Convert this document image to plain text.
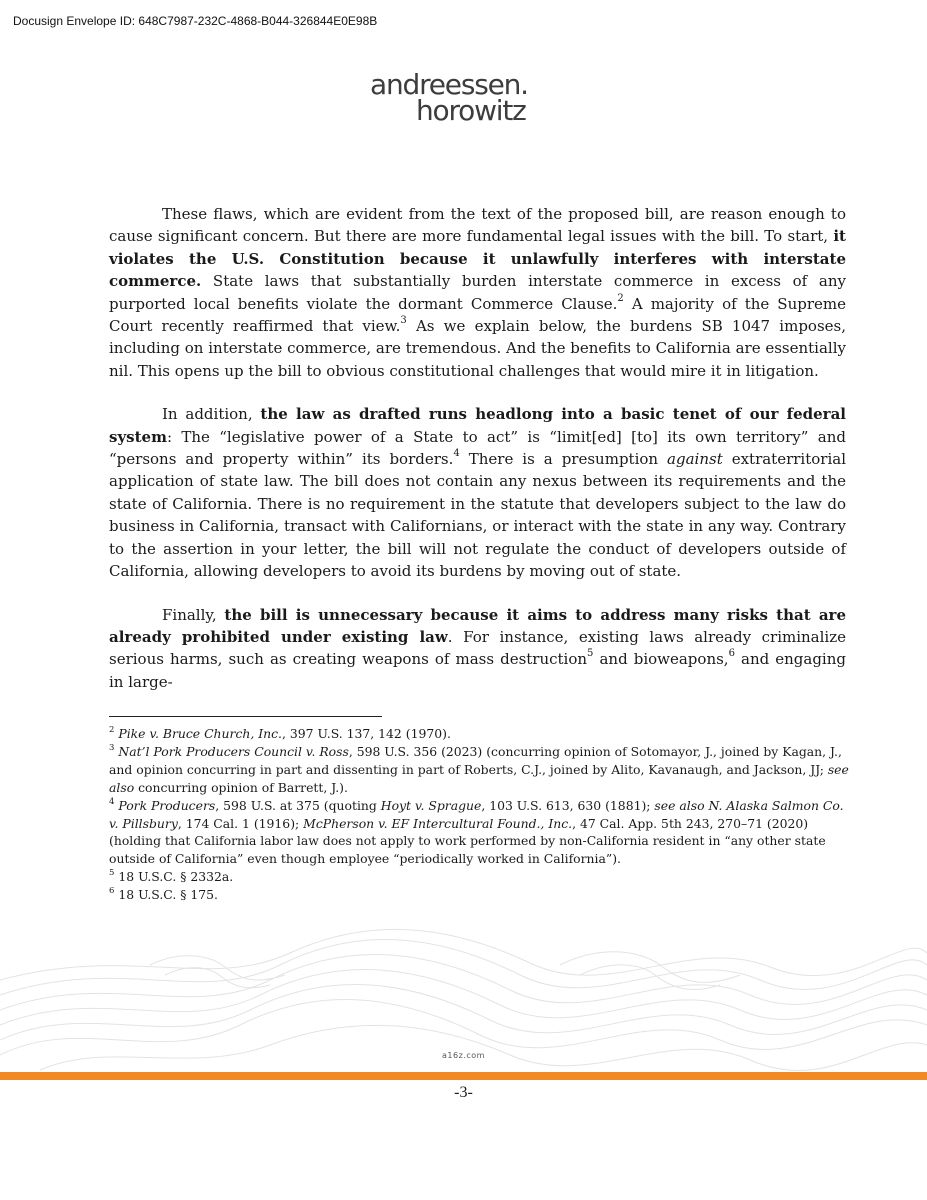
Docusign Envelope ID: 648C7987-232C-4868-B044-326844E0E98B
andreessen.
horowitz

These flaws, which are evident from the text of the proposed bill, are reason enough to cause significant concern. But there are more fundamental legal issues with the bill. To start, it violates the U.S. Constitution because it unlawfully interferes with interstate commerce. State laws that substantially burden interstate commerce in excess of any purported local benefits violate the dormant Commerce Clause.$^2$ A majority of the Supreme Court recently reaffirmed that view.$^3$ As we explain below, the burdens SB 1047 imposes, including on interstate commerce, are tremendous. And the benefits to California are essentially nil. This opens up the bill to obvious constitutional challenges that would mire it in litigation.

In addition, the law as drafted runs headlong into a basic tenet of our federal system: The “legislative power of a State to act” is “limit[ed] [to] its own territory” and “persons and property within” its borders.$^4$ There is a presumption against extraterritorial application of state law. The bill does not contain any nexus between its requirements and the state of California. There is no requirement in the statute that developers subject to the law do business in California, transact with Californians, or interact with the state in any way. Contrary to the assertion in your letter, the bill will not regulate the conduct of developers outside of California, allowing developers to avoid its burdens by moving out of state.

Finally, the bill is unnecessary because it aims to address many risks that are already prohibited under existing law. For instance, existing laws already criminalize serious harms, such as creating weapons of mass destruction$^5$ and bioweapons,$^6$ and engaging in large-

$^2$ Pike v. Bruce Church, Inc., 397 U.S. 137, 142 (1970).

$^3$ Nat’l Pork Producers Council v. Ross, 598 U.S. 356 (2023) (concurring opinion of Sotomayor, J., joined by Kagan, J., and opinion concurring in part and dissenting in part of Roberts, C.J., joined by Alito, Kavanaugh, and Jackson, JJ; see also concurring opinion of Barrett, J.).

$^4$ Pork Producers, 598 U.S. at 375 (quoting Hoyt v. Sprague, 103 U.S. 613, 630 (1881); see also N. Alaska Salmon Co. v. Pillsbury, 174 Cal. 1 (1916); McPherson v. EF Intercultural Found., Inc., 47 Cal. App. 5th 243, 270–71 (2020) (holding that California labor law does not apply to work performed by non-California resident in “any other state outside of California” even though employee “periodically worked in California”).

$^5$ 18 U.S.C. § 2332a.

$^6$ 18 U.S.C. § 175.

a16z.com
-3-
